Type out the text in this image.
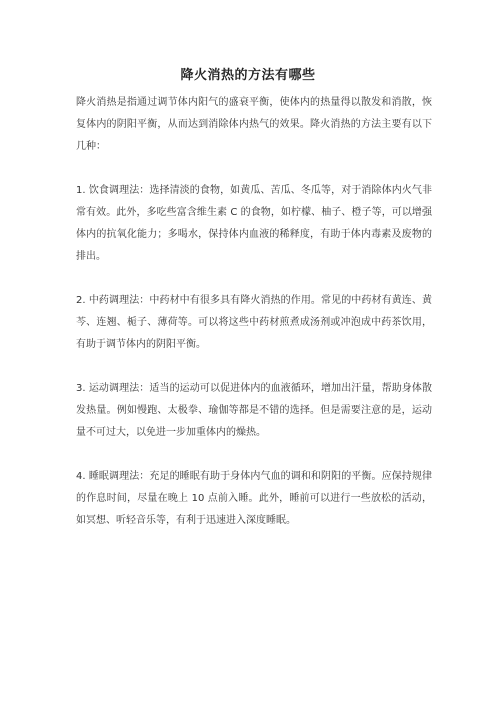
降火消热的方法有哪些

降火消热是指通过调节体内阳气的盛衰平衡，使体内的热量得以散发和消散，恢复体内的阴阳平衡，从而达到消除体内热气的效果。降火消热的方法主要有以下几种：

1. 饮食调理法：选择清淡的食物，如黄瓜、苦瓜、冬瓜等，对于消除体内火气非常有效。此外，多吃些富含维生素 C 的食物，如柠檬、柚子、橙子等，可以增强体内的抗氧化能力；多喝水，保持体内血液的稀释度，有助于体内毒素及废物的排出。

2. 中药调理法：中药材中有很多具有降火消热的作用。常见的中药材有黄连、黄芩、连翘、栀子、薄荷等。可以将这些中药材煎煮成汤剂或冲泡成中药茶饮用，有助于调节体内的阴阳平衡。

3. 运动调理法：适当的运动可以促进体内的血液循环，增加出汗量，帮助身体散发热量。例如慢跑、太极拳、瑜伽等都是不错的选择。但是需要注意的是，运动量不可过大，以免进一步加重体内的燥热。

4. 睡眠调理法：充足的睡眠有助于身体内气血的调和和阴阳的平衡。应保持规律的作息时间，尽量在晚上 10 点前入睡。此外，睡前可以进行一些放松的活动，如冥想、听轻音乐等，有利于迅速进入深度睡眠。
